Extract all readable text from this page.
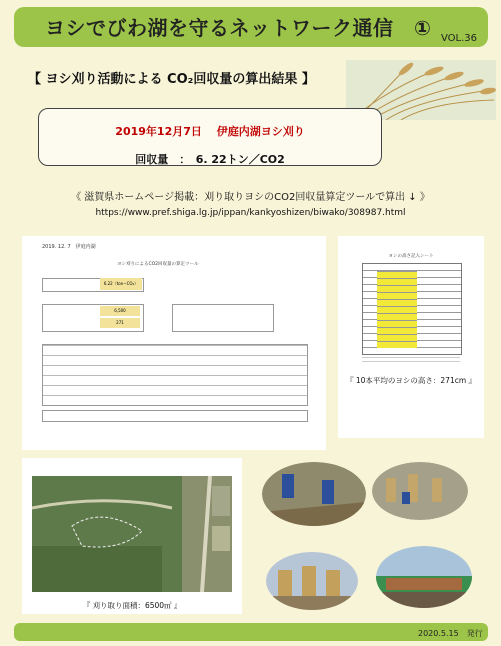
ヨシでびわ湖を守るネットワーク通信　① VOL.36
【 ヨシ刈り活動による CO₂回収量の算出結果 】
2019年12月7日　 伊庭内湖ヨシ刈り
回収量　：　6. 22トン／CO2
《 滋賀県ホームページ掲載：刈り取りヨシのCO2回収量算定ツールで算出 ↓ 》
https://www.pref.shiga.lg.jp/ippan/kankyoshizen/biwako/308987.html
2019. 12. 7　伊庭内湖
ヨシ刈りによるCO2回収量の算定ツール
6.22（ton−CO₂）
6,500
271
ヨシの高さ記入シート
『 10本平均のヨシの高さ：271cm 』
『 刈り取り面積：6500㎡ 』
2020.5.15　発行
